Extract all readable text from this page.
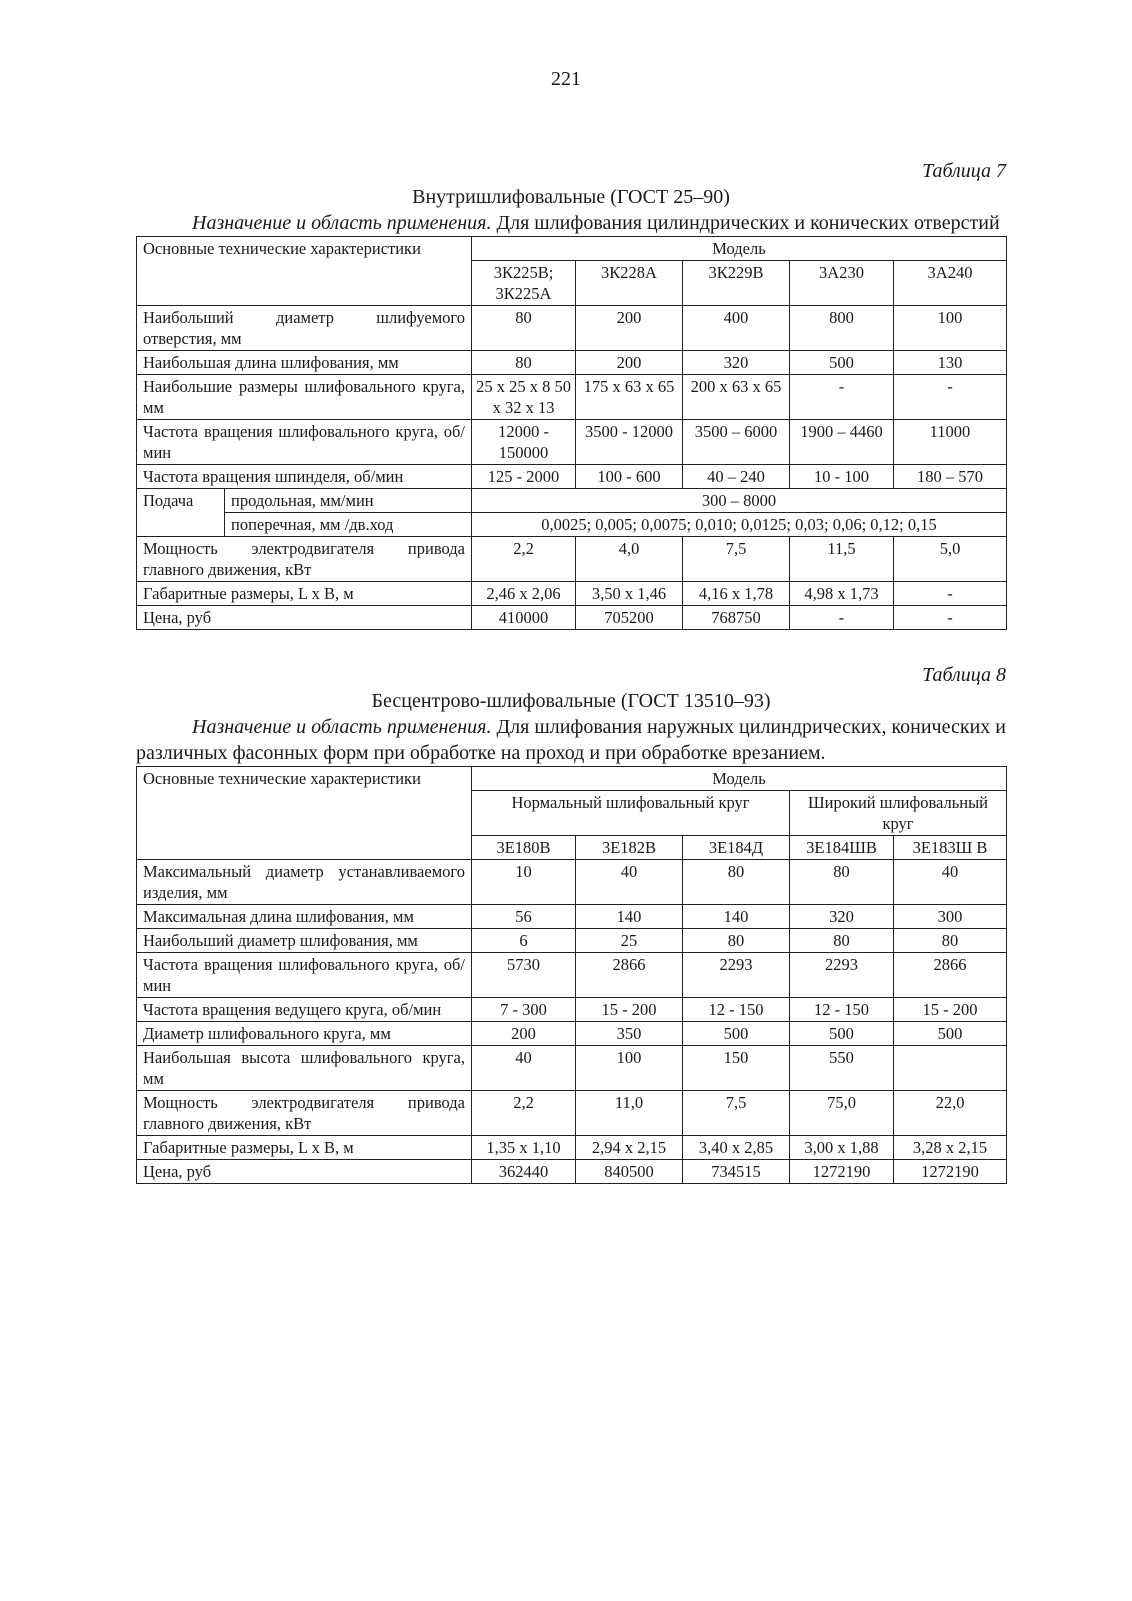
221
Таблица 7
Внутришлифовальные (ГОСТ 25–90)
Назначение и область применения. Для шлифования цилиндрических и конических отверстий
Основные технические характеристики		Модель				
		3К225В; 3К225А	3К228А	3К229В	3А230	3А240
Наибольший диаметр шлифуемого отверстия, мм		80	200	400	800	100
Наибольшая длина шлифования, мм		80	200	320	500	130
Наибольшие размеры шлифовального круга, мм		25 х 25 х 8 50 х 32 х 13	175 х 63 х 65	200 х 63 х 65	-	-
Частота вращения шлифовального круга, об/мин		12000 - 150000	3500 - 12000	3500 – 6000	1900 – 4460	11000
Частота вращения шпинделя, об/мин		125 - 2000	100 - 600	40 – 240	10 - 100	180 – 570
Подача	продольная, мм/мин	300 – 8000				
	поперечная, мм /дв.ход	0,0025; 0,005; 0,0075; 0,010; 0,0125; 0,03; 0,06; 0,12; 0,15				
Мощность электродвигателя привода главного движения, кВт		2,2	4,0	7,5	11,5	5,0
Габаритные размеры, L х B, м		2,46 х 2,06	3,50 х 1,46	4,16 х 1,78	4,98 х 1,73	-
Цена, руб		410000	705200	768750	-	-
Таблица 8
Бесцентрово-шлифовальные (ГОСТ 13510–93)
Назначение и область применения. Для шлифования наружных цилиндрических, конических и различных фасонных форм при обработке на проход и при обработке врезанием.
Основные технические характеристики	Модель				
	Нормальный шлифовальный круг			Широкий шлифовальный круг	
	3Е180В	3Е182В	3Е184Д	3Е184ШВ	3Е183Ш В
Максимальный диаметр устанавливаемого изделия, мм	10	40	80	80	40
Максимальная длина шлифования, мм	56	140	140	320	300
Наибольший диаметр шлифования, мм	6	25	80	80	80
Частота вращения шлифовального круга, об/мин	5730	2866	2293	2293	2866
Частота вращения ведущего круга, об/мин	7 - 300	15 - 200	12 - 150	12 - 150	15 - 200
Диаметр шлифовального круга, мм	200	350	500	500	500
Наибольшая высота шлифовального круга, мм	40	100	150	550	
Мощность электродвигателя привода главного движения, кВт	2,2	11,0	7,5	75,0	22,0
Габаритные размеры, L х B, м	1,35 х 1,10	2,94 х 2,15	3,40 х 2,85	3,00 х 1,88	3,28 х 2,15
Цена, руб	362440	840500	734515	1272190	1272190
